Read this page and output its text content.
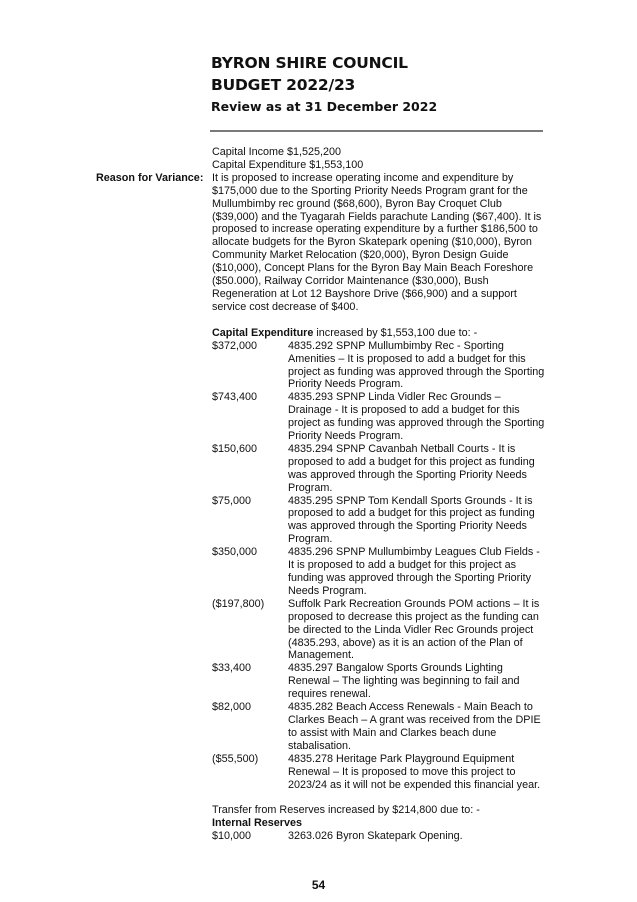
BYRON SHIRE COUNCIL
BUDGET 2022/23
Review as at 31 December 2022
Reason for Variance:

Capital Income $1,525,200

Capital Expenditure $1,553,100

It is proposed to increase operating income and expenditure by $175,000 due to the Sporting Priority Needs Program grant for the Mullumbimby rec ground ($68,600), Byron Bay Croquet Club ($39,000) and the Tyagarah Fields parachute Landing ($67,400). It is proposed to increase operating expenditure by a further $186,500 to allocate budgets for the Byron Skatepark opening ($10,000), Byron Community Market Relocation ($20,000), Byron Design Guide ($10,000), Concept Plans for the Byron Bay Main Beach Foreshore ($50.000), Railway Corridor Maintenance ($30,000), Bush Regeneration at Lot 12 Bayshore Drive ($66,900) and a support service cost decrease of $400.

Capital Expenditure increased by $1,553,100 due to: -

$372,000	4835.292 SPNP Mullumbimby Rec - Sporting Amenities – It is proposed to add a budget for this project as funding was approved through the Sporting Priority Needs Program.
$743,400	4835.293 SPNP Linda Vidler Rec Grounds – Drainage - It is proposed to add a budget for this project as funding was approved through the Sporting Priority Needs Program.
$150,600	4835.294 SPNP Cavanbah Netball Courts - It is proposed to add a budget for this project as funding was approved through the Sporting Priority Needs Program.
$75,000	4835.295 SPNP Tom Kendall Sports Grounds - It is proposed to add a budget for this project as funding was approved through the Sporting Priority Needs Program.
$350,000	4835.296 SPNP Mullumbimby Leagues Club Fields - It is proposed to add a budget for this project as funding was approved through the Sporting Priority Needs Program.
($197,800)	Suffolk Park Recreation Grounds POM actions – It is proposed to decrease this project as the funding can be directed to the Linda Vidler Rec Grounds project (4835.293, above) as it is an action of the Plan of Management.
$33,400	4835.297 Bangalow Sports Grounds Lighting Renewal – The lighting was beginning to fail and requires renewal.
$82,000	4835.282 Beach Access Renewals - Main Beach to Clarkes Beach – A grant was received from the DPIE to assist with Main and Clarkes beach dune stabalisation.
($55,500)	4835.278 Heritage Park Playground Equipment Renewal – It is proposed to move this project to 2023/24 as it will not be expended this financial year.

Transfer from Reserves increased by $214,800 due to: -

Internal Reserves

$10,000	3263.026 Byron Skatepark Opening.
54
